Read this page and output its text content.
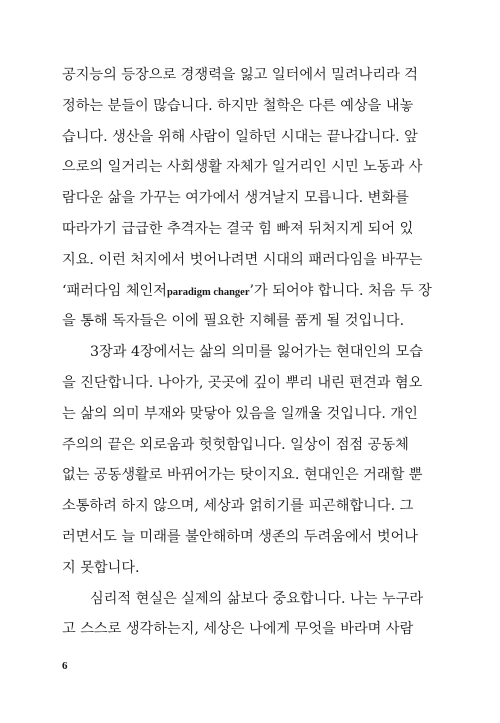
공지능의 등장으로 경쟁력을 잃고 일터에서 밀려나리라 걱
정하는 분들이 많습니다. 하지만 철학은 다른 예상을 내놓
습니다. 생산을 위해 사람이 일하던 시대는 끝나갑니다. 앞
으로의 일거리는 사회생활 자체가 일거리인 시민 노동과 사
람다운 삶을 가꾸는 여가에서 생겨날지 모릅니다. 변화를
따라가기 급급한 추격자는 결국 힘 빠져 뒤처지게 되어 있
지요. 이런 처지에서 벗어나려면 시대의 패러다임을 바꾸는
‘패러다임 체인저paradigm changer’가 되어야 합니다. 처음 두 장
을 통해 독자들은 이에 필요한 지혜를 품게 될 것입니다.
3장과 4장에서는 삶의 의미를 잃어가는 현대인의 모습
을 진단합니다. 나아가, 곳곳에 깊이 뿌리 내린 편견과 혐오
는 삶의 의미 부재와 맞닿아 있음을 일깨울 것입니다. 개인
주의의 끝은 외로움과 헛헛함입니다. 일상이 점점 공동체
없는 공동생활로 바뀌어가는 탓이지요. 현대인은 거래할 뿐
소통하려 하지 않으며, 세상과 얽히기를 피곤해합니다. 그
러면서도 늘 미래를 불안해하며 생존의 두려움에서 벗어나
지 못합니다.
심리적 현실은 실제의 삶보다 중요합니다. 나는 누구라
고 스스로 생각하는지, 세상은 나에게 무엇을 바라며 사람
6
